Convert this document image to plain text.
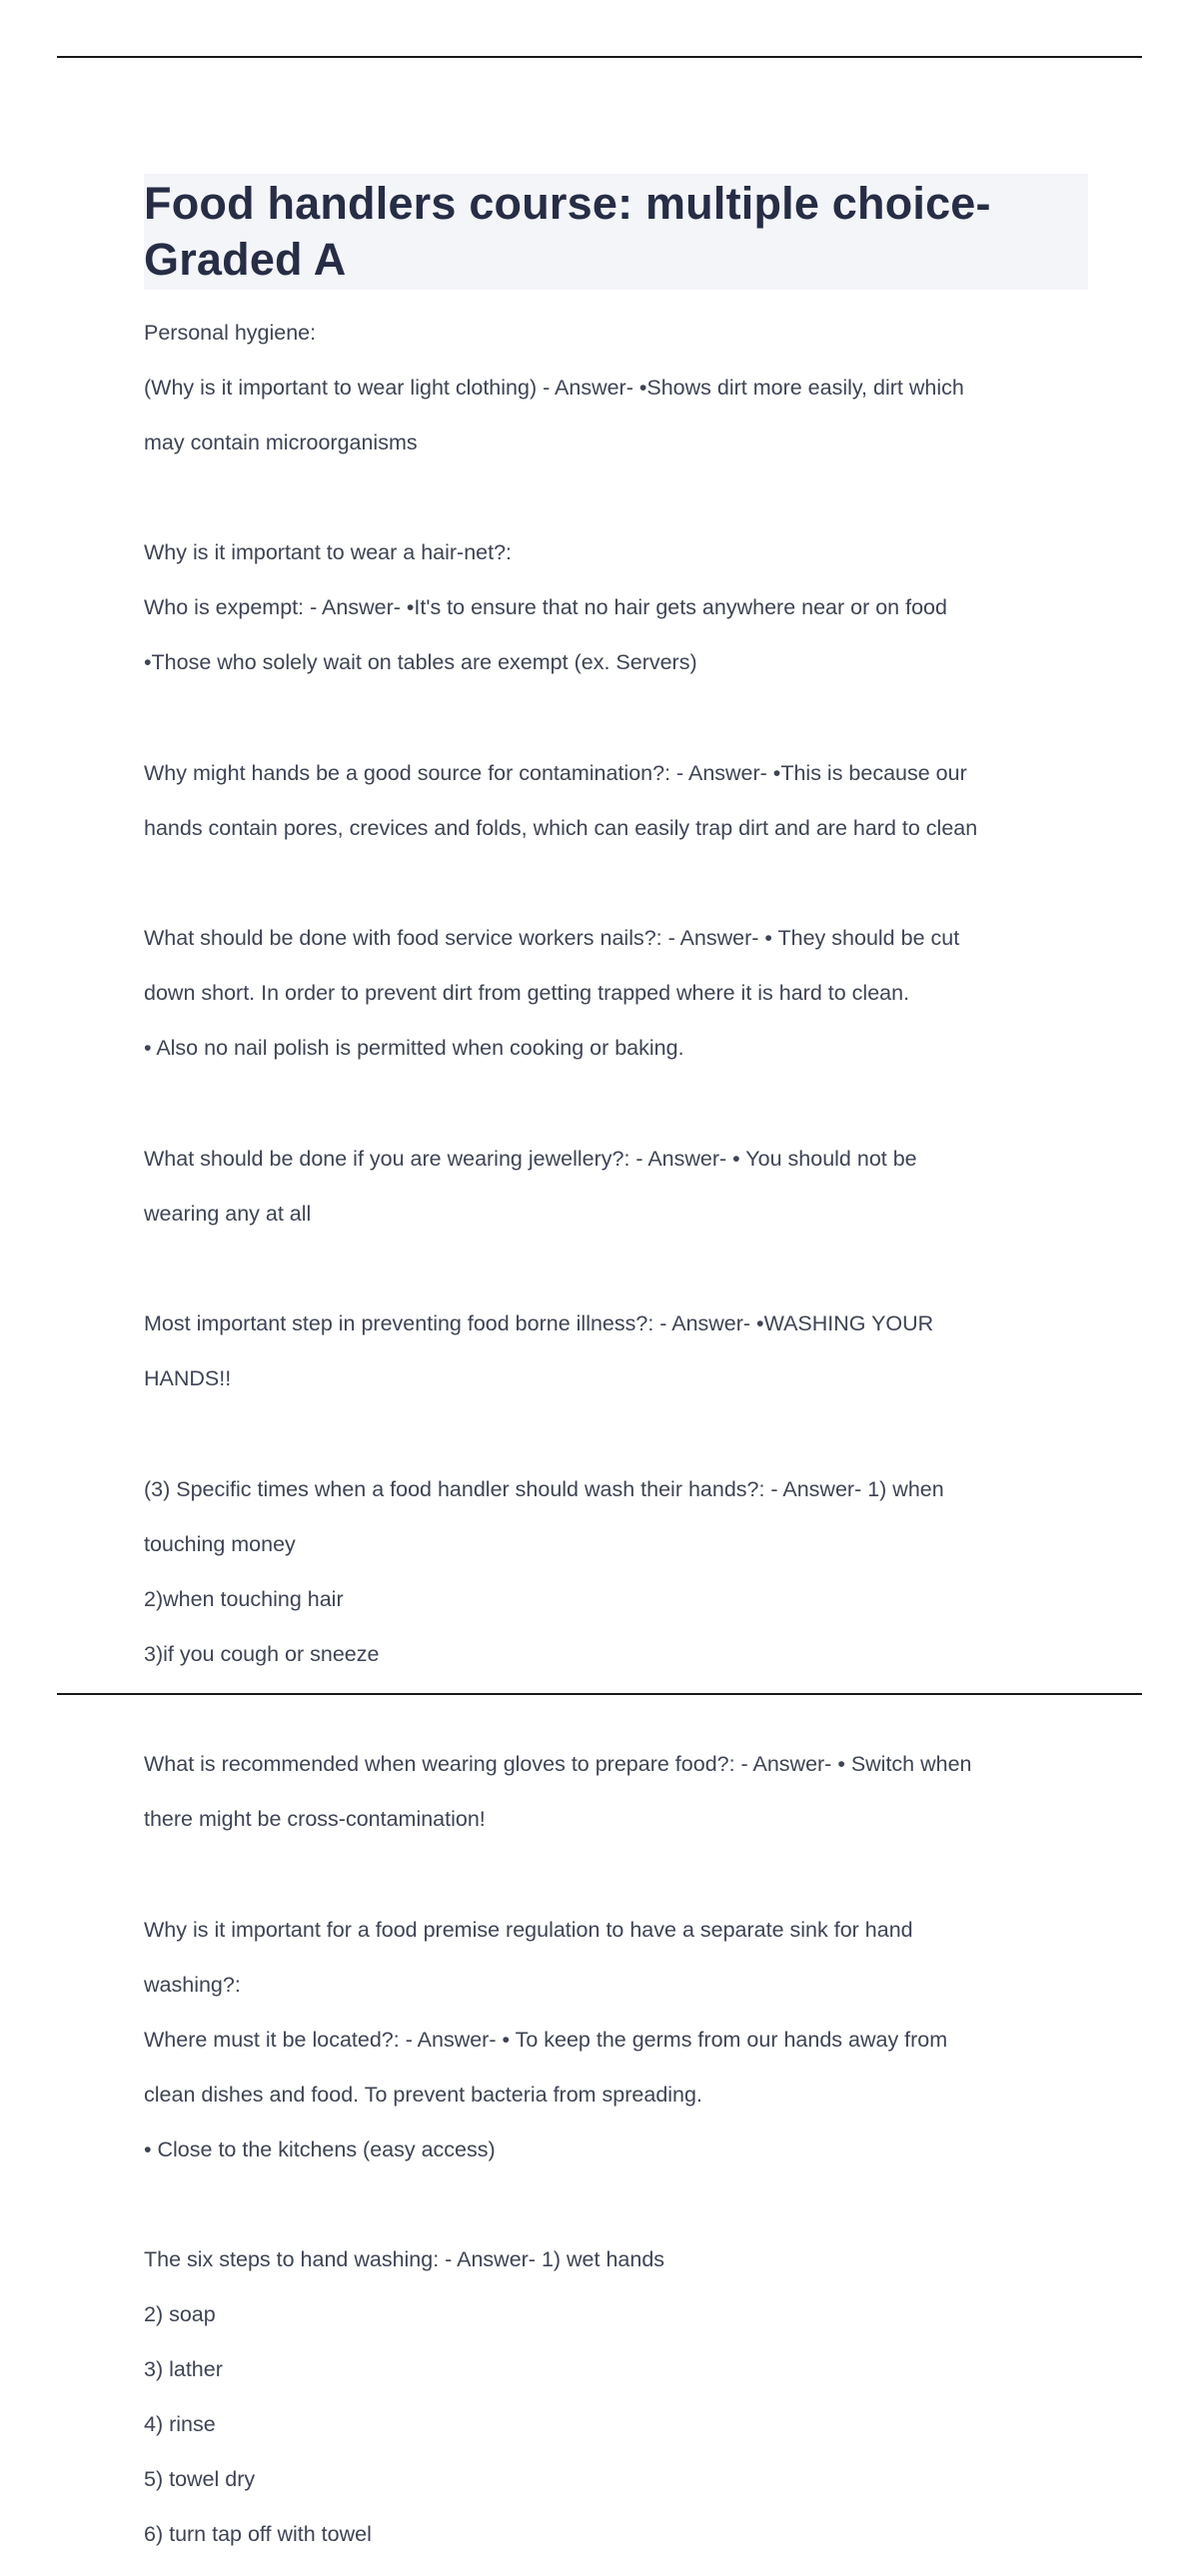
Food handlers course: multiple choice- Graded A

Personal hygiene:

(Why is it important to wear light clothing) - Answer- •Shows dirt more easily, dirt which

may contain microorganisms

Why is it important to wear a hair-net?:

Who is expempt: - Answer- •It's to ensure that no hair gets anywhere near or on food

•Those who solely wait on tables are exempt (ex. Servers)

Why might hands be a good source for contamination?: - Answer- •This is because our

hands contain pores, crevices and folds, which can easily trap dirt and are hard to clean

What should be done with food service workers nails?: - Answer- • They should be cut

down short. In order to prevent dirt from getting trapped where it is hard to clean.

• Also no nail polish is permitted when cooking or baking.

What should be done if you are wearing jewellery?: - Answer- • You should not be

wearing any at all

Most important step in preventing food borne illness?: - Answer- •WASHING YOUR

HANDS!!

(3) Specific times when a food handler should wash their hands?: - Answer- 1) when

touching money

2)when touching hair

3)if you cough or sneeze

What is recommended when wearing gloves to prepare food?: - Answer- • Switch when

there might be cross-contamination!

Why is it important for a food premise regulation to have a separate sink for hand

washing?:

Where must it be located?: - Answer- • To keep the germs from our hands away from

clean dishes and food. To prevent bacteria from spreading.

• Close to the kitchens (easy access)

The six steps to hand washing: - Answer- 1) wet hands

2) soap

3) lather

4) rinse

5) towel dry

6) turn tap off with towel
